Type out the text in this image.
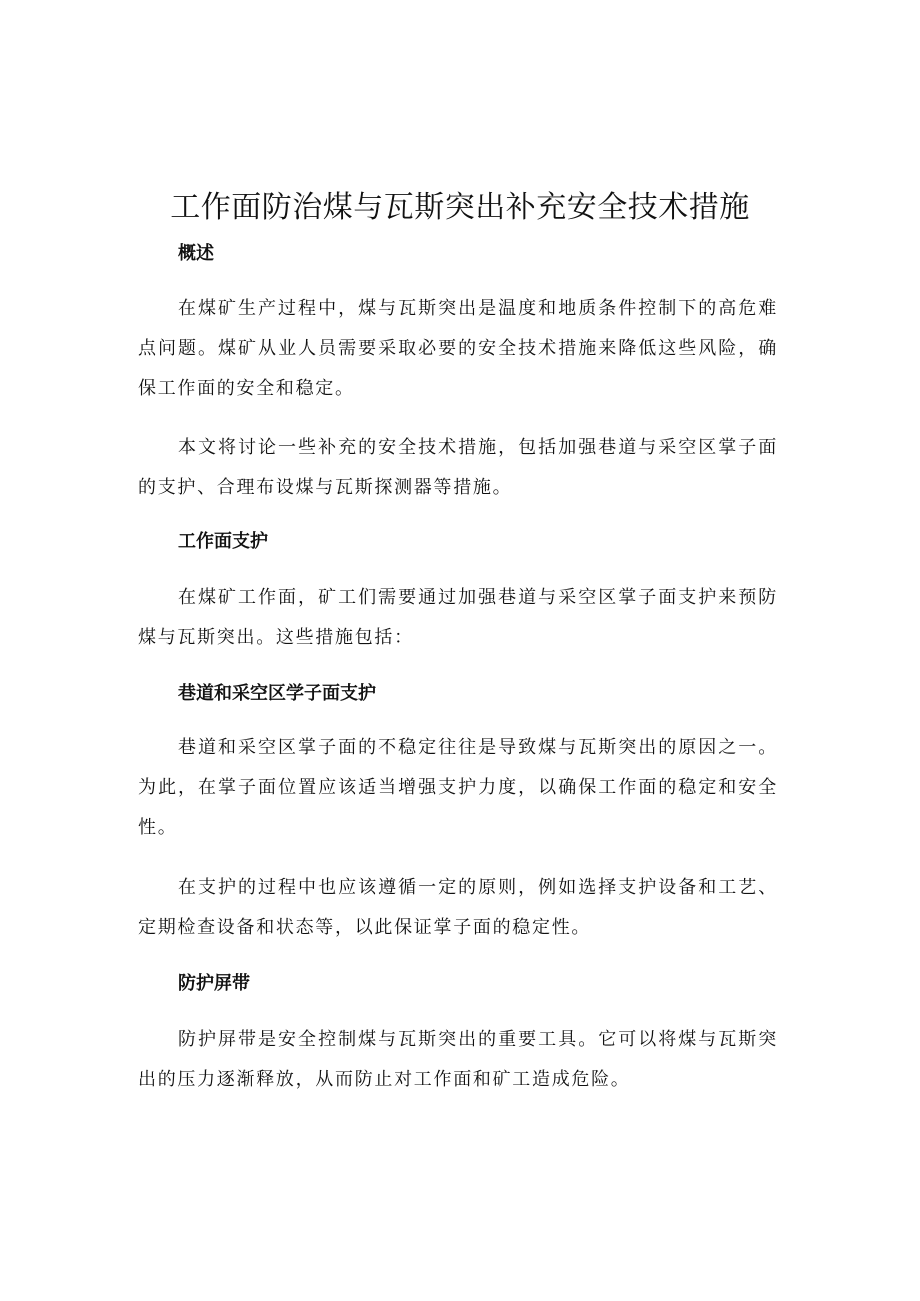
工作面防治煤与瓦斯突出补充安全技术措施
概述

在煤矿生产过程中，煤与瓦斯突出是温度和地质条件控制下的高危难点问题。煤矿从业人员需要采取必要的安全技术措施来降低这些风险，确保工作面的安全和稳定。

本文将讨论一些补充的安全技术措施，包括加强巷道与采空区掌子面的支护、合理布设煤与瓦斯探测器等措施。

工作面支护

在煤矿工作面，矿工们需要通过加强巷道与采空区掌子面支护来预防煤与瓦斯突出。这些措施包括：

巷道和采空区学子面支护

巷道和采空区掌子面的不稳定往往是导致煤与瓦斯突出的原因之一。为此，在掌子面位置应该适当增强支护力度，以确保工作面的稳定和安全性。

在支护的过程中也应该遵循一定的原则，例如选择支护设备和工艺、定期检查设备和状态等，以此保证掌子面的稳定性。

防护屏带

防护屏带是安全控制煤与瓦斯突出的重要工具。它可以将煤与瓦斯突出的压力逐渐释放，从而防止对工作面和矿工造成危险。
